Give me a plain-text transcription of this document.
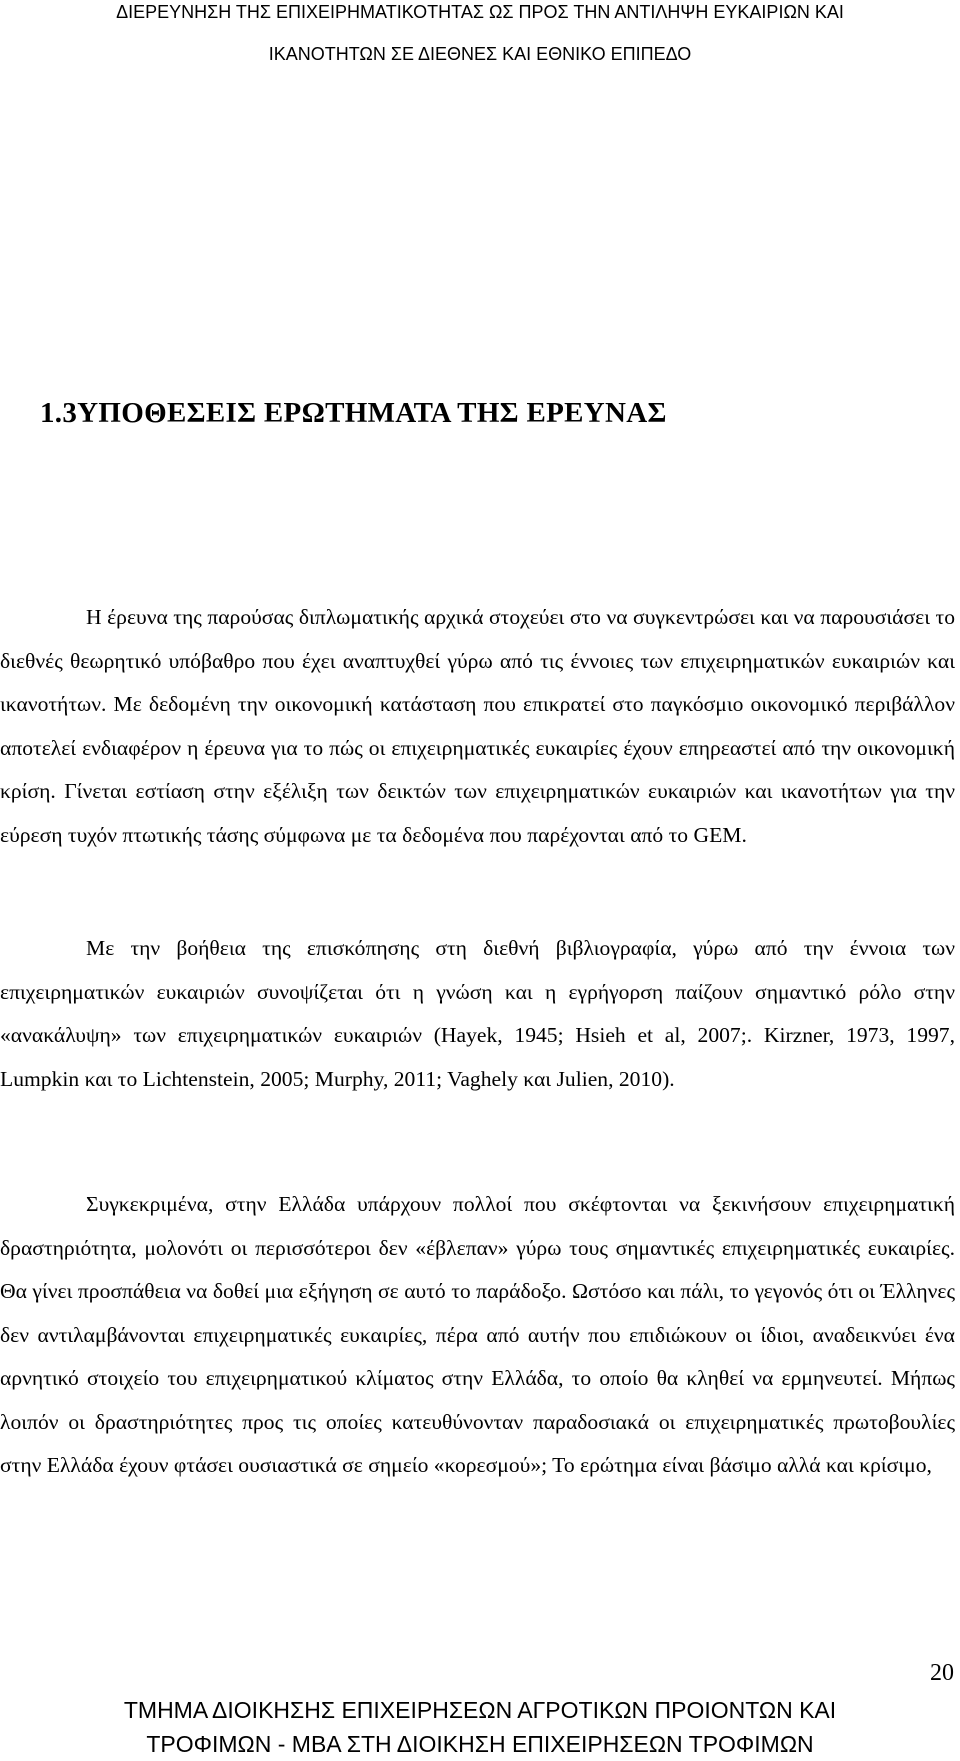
ΔΙΕΡΕΥΝΗΣΗ ΤΗΣ ΕΠΙΧΕΙΡΗΜΑΤΙΚΟΤΗΤΑΣ ΩΣ ΠΡΟΣ ΤΗΝ ΑΝΤΙΛΗΨΗ ΕΥΚΑΙΡΙΩΝ ΚΑΙ
ΙΚΑΝΟΤΗΤΩΝ ΣΕ ΔΙΕΘΝΕΣ ΚΑΙ ΕΘΝΙΚΟ ΕΠΙΠΕΔΟ
1.3ΥΠΟΘΕΣΕΙΣ ΕΡΩΤΗΜΑΤΑ ΤΗΣ ΕΡΕΥΝΑΣ
Η έρευνα της παρούσας διπλωματικής αρχικά στοχεύει στο να συγκεντρώσει και να παρουσιάσει το διεθνές θεωρητικό υπόβαθρο που έχει αναπτυχθεί γύρω από τις έννοιες των επιχειρηματικών ευκαιριών και ικανοτήτων. Με δεδομένη την οικονομική κατάσταση που επικρατεί στο παγκόσμιο οικονομικό περιβάλλον αποτελεί ενδιαφέρον η έρευνα για το πώς οι επιχειρηματικές ευκαιρίες έχουν επηρεαστεί από την οικονομική κρίση. Γίνεται εστίαση στην εξέλιξη των δεικτών των επιχειρηματικών ευκαιριών και ικανοτήτων για την εύρεση τυχόν πτωτικής τάσης σύμφωνα με τα δεδομένα που παρέχονται από το GEM.
Με την βοήθεια της επισκόπησης στη διεθνή βιβλιογραφία, γύρω από την έννοια των επιχειρηματικών ευκαιριών συνοψίζεται ότι η γνώση και η εγρήγορση παίζουν σημαντικό ρόλο στην «ανακάλυψη» των επιχειρηματικών ευκαιριών (Hayek, 1945; Hsieh et al, 2007;. Kirzner, 1973, 1997, Lumpkin και το Lichtenstein, 2005; Murphy, 2011; Vaghely και Julien, 2010).
Συγκεκριμένα, στην Ελλάδα υπάρχουν πολλοί που σκέφτονται να ξεκινήσουν επιχειρηματική δραστηριότητα, μολονότι οι περισσότεροι δεν «έβλεπαν» γύρω τους σημαντικές επιχειρηματικές ευκαιρίες. Θα γίνει προσπάθεια να δοθεί μια εξήγηση σε αυτό το παράδοξο. Ωστόσο και πάλι, το γεγονός ότι οι Έλληνες δεν αντιλαμβάνονται επιχειρηματικές ευκαιρίες, πέρα από αυτήν που επιδιώκουν οι ίδιοι, αναδεικνύει ένα αρνητικό στοιχείο του επιχειρηματικού κλίματος στην Ελλάδα, το οποίο θα κληθεί να ερμηνευτεί. Μήπως λοιπόν οι δραστηριότητες προς τις οποίες κατευθύνονταν παραδοσιακά οι επιχειρηματικές πρωτοβουλίες στην Ελλάδα έχουν φτάσει ουσιαστικά σε σημείο «κορεσμού»; Το ερώτημα είναι βάσιμο αλλά και κρίσιμο,
20
ΤΜΗΜΑ ΔΙΟΙΚΗΣΗΣ ΕΠΙΧΕΙΡΗΣΕΩΝ ΑΓΡΟΤΙΚΩΝ ΠΡΟΙΟΝΤΩΝ ΚΑΙ
ΤΡΟΦΙΜΩΝ - MBA ΣΤΗ ΔΙΟΙΚΗΣΗ ΕΠΙΧΕΙΡΗΣΕΩΝ ΤΡΟΦΙΜΩΝ
